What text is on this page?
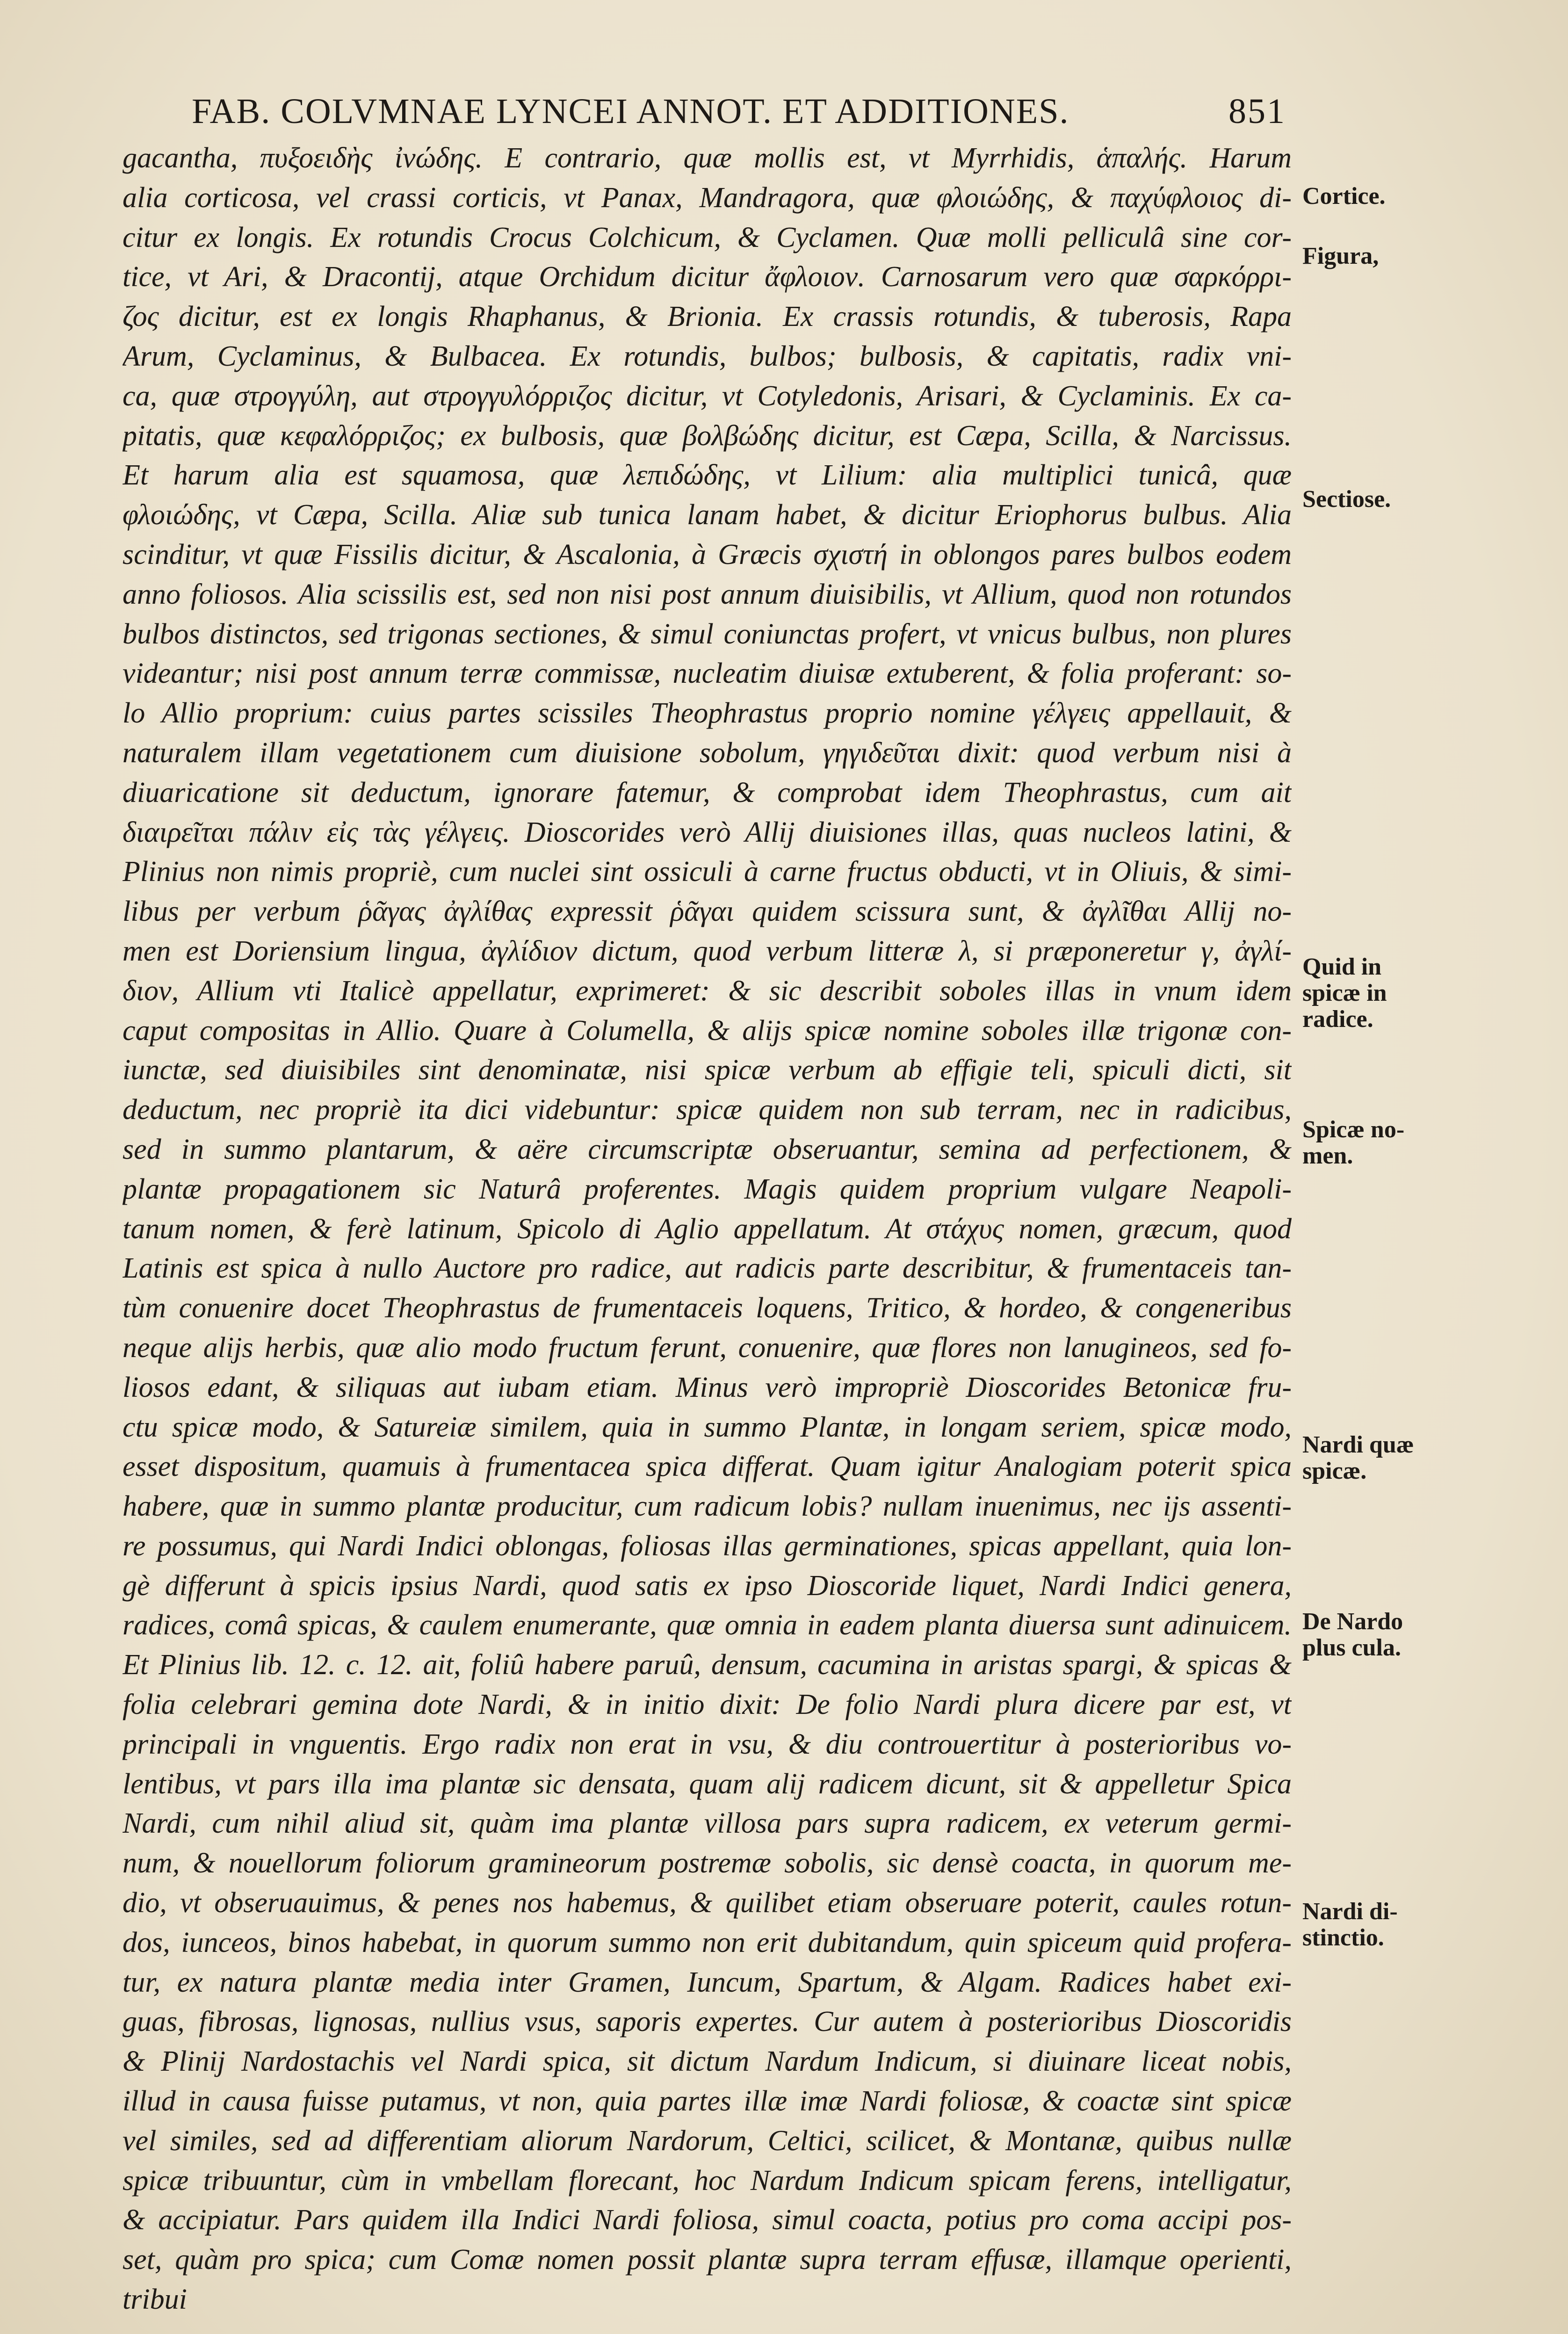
FAB. COLVMNAE LYNCEI ANNOT. ET ADDITIONES.	851
gacantha, πυξοειδὴς ἰνώδης. E contrario, quæ mollis est, vt Myrrhidis, ἁπαλής. Harum
alia corticosa, vel crassi corticis, vt Panax, Mandragora, quæ φλοιώδης, & παχύφλοιος di-
citur ex longis. Ex rotundis Crocus Colchicum, & Cyclamen. Quæ molli pelliculâ sine cor-
tice, vt Ari, & Dracontij, atque Orchidum dicitur ἄφλοιον. Carnosarum vero quæ σαρκόρρι-
ζος dicitur, est ex longis Rhaphanus, & Brionia. Ex crassis rotundis, & tuberosis, Rapa
Arum, Cyclaminus, & Bulbacea. Ex rotundis, bulbos; bulbosis, & capitatis, radix vni-
ca, quæ στρογγύλη, aut στρογγυλόρριζος dicitur, vt Cotyledonis, Arisari, & Cyclaminis. Ex ca-
pitatis, quæ κεφαλόρριζος; ex bulbosis, quæ βολβώδης dicitur, est Cæpa, Scilla, & Narcissus.
Et harum alia est squamosa, quæ λεπιδώδης, vt Lilium: alia multiplici tunicâ, quæ
φλοιώδης, vt Cæpa, Scilla. Aliæ sub tunica lanam habet, & dicitur Eriophorus bulbus. Alia
scinditur, vt quæ Fissilis dicitur, & Ascalonia, à Græcis σχιστή in oblongos pares bulbos eodem
anno foliosos. Alia scissilis est, sed non nisi post annum diuisibilis, vt Allium, quod non rotundos
bulbos distinctos, sed trigonas sectiones, & simul coniunctas profert, vt vnicus bulbus, non plures
videantur; nisi post annum terræ commissæ, nucleatim diuisæ extuberent, & folia proferant: so-
lo Allio proprium: cuius partes scissiles Theophrastus proprio nomine γέλγεις appellauit, &
naturalem illam vegetationem cum diuisione sobolum, γηγιδεῦται dixit: quod verbum nisi à
diuaricatione sit deductum, ignorare fatemur, & comprobat idem Theophrastus, cum ait
διαιρεῖται πάλιν εἰς τὰς γέλγεις. Dioscorides verò Allij diuisiones illas, quas nucleos latini, &
Plinius non nimis propriè, cum nuclei sint ossiculi à carne fructus obducti, vt in Oliuis, & simi-
libus per verbum ῥᾶγας ἀγλίθας expressit ῥᾶγαι quidem scissura sunt, & ἀγλῖθαι Allij no-
men est Doriensium lingua, ἀγλίδιον dictum, quod verbum litteræ λ, si præponeretur γ, ἀγλί-
διον, Allium vti Italicè appellatur, exprimeret: & sic describit soboles illas in vnum idem
caput compositas in Allio. Quare à Columella, & alijs spicæ nomine soboles illæ trigonæ con-
iunctæ, sed diuisibiles sint denominatæ, nisi spicæ verbum ab effigie teli, spiculi dicti, sit
deductum, nec propriè ita dici videbuntur: spicæ quidem non sub terram, nec in radicibus,
sed in summo plantarum, & aëre circumscriptæ obseruantur, semina ad perfectionem, &
plantæ propagationem sic Naturâ proferentes. Magis quidem proprium vulgare Neapoli-
tanum nomen, & ferè latinum, Spicolo di Aglio appellatum. At στάχυς nomen, græcum, quod
Latinis est spica à nullo Auctore pro radice, aut radicis parte describitur, & frumentaceis tan-
tùm conuenire docet Theophrastus de frumentaceis loquens, Tritico, & hordeo, & congeneribus
neque alijs herbis, quæ alio modo fructum ferunt, conuenire, quæ flores non lanugineos, sed fo-
liosos edant, & siliquas aut iubam etiam. Minus verò impropriè Dioscorides Betonicæ fru-
ctu spicæ modo, & Satureiæ similem, quia in summo Plantæ, in longam seriem, spicæ modo,
esset dispositum, quamuis à frumentacea spica differat. Quam igitur Analogiam poterit spica
habere, quæ in summo plantæ producitur, cum radicum lobis? nullam inuenimus, nec ijs assenti-
re possumus, qui Nardi Indici oblongas, foliosas illas germinationes, spicas appellant, quia lon-
gè differunt à spicis ipsius Nardi, quod satis ex ipso Dioscoride liquet, Nardi Indici genera,
radices, comâ spicas, & caulem enumerante, quæ omnia in eadem planta diuersa sunt adinuicem.
Et Plinius lib. 12. c. 12. ait, foliû habere paruû, densum, cacumina in aristas spargi, & spicas &
folia celebrari gemina dote Nardi, & in initio dixit: De folio Nardi plura dicere par est, vt
principali in vnguentis. Ergo radix non erat in vsu, & diu controuertitur à posterioribus vo-
lentibus, vt pars illa ima plantæ sic densata, quam alij radicem dicunt, sit & appelletur Spica
Nardi, cum nihil aliud sit, quàm ima plantæ villosa pars supra radicem, ex veterum germi-
num, & nouellorum foliorum gramineorum postremæ sobolis, sic densè coacta, in quorum me-
dio, vt obseruauimus, & penes nos habemus, & quilibet etiam obseruare poterit, caules rotun-
dos, iunceos, binos habebat, in quorum summo non erit dubitandum, quin spiceum quid profera-
tur, ex natura plantæ media inter Gramen, Iuncum, Spartum, & Algam. Radices habet exi-
guas, fibrosas, lignosas, nullius vsus, saporis expertes. Cur autem à posterioribus Dioscoridis
& Plinij Nardostachis vel Nardi spica, sit dictum Nardum Indicum, si diuinare liceat nobis,
illud in causa fuisse putamus, vt non, quia partes illæ imæ Nardi foliosæ, & coactæ sint spicæ
vel similes, sed ad differentiam aliorum Nardorum, Celtici, scilicet, & Montanæ, quibus nullæ
spicæ tribuuntur, cùm in vmbellam florecant, hoc Nardum Indicum spicam ferens, intelligatur,
& accipiatur. Pars quidem illa Indici Nardi foliosa, simul coacta, potius pro coma accipi pos-
set, quàm pro spica; cum Comæ nomen possit plantæ supra terram effusæ, illamque operienti,
tribui
Cortice.
Figura,
Sectiose.
Quid in
spicæ in
radice.
Spicæ no-
men.
Nardi quæ
spicæ.
De Nardo
plus cula.
Nardi di-
stinctio.
